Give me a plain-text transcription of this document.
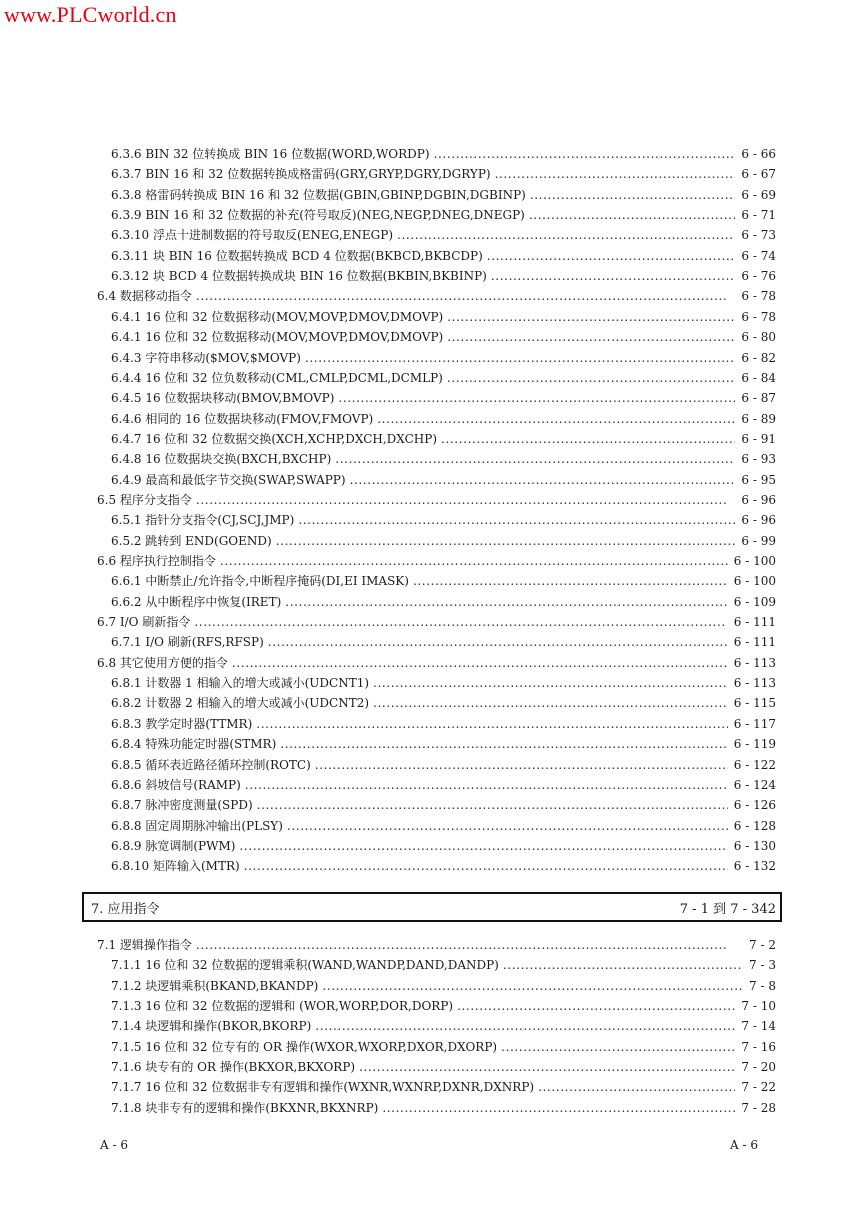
www.PLCworld.cn
6.3.6 BIN 32 位转换成 BIN 16 位数据(WORD,WORDP) . . .	6 - 66
6.3.7 BIN 16 和 32 位数据转换成格雷码(GRY,GRYP,DGRY,DGRYP) . . .	6 - 67
6.3.8 格雷码转换成 BIN 16 和 32 位数据(GBIN,GBINP,DGBIN,DGBINP) . . .	6 - 69
6.3.9 BIN 16 和 32 位数据的补充(符号取反)(NEG,NEGP,DNEG,DNEGP) . . .	6 - 71
6.3.10 浮点十进制数据的符号取反(ENEG,ENEGP) . . .	6 - 73
6.3.11 块 BIN 16 位数据转换成 BCD 4 位数据(BKBCD,BKBCDP) . . .	6 - 74
6.3.12 块 BCD 4 位数据转换成块 BIN 16 位数据(BKBIN,BKBINP) . . .	6 - 76
6.4 数据移动指令 . . .	6 - 78
6.4.1 16 位和 32 位数据移动(MOV,MOVP,DMOV,DMOVP) . . .	6 - 78
6.4.1 16 位和 32 位数据移动(MOV,MOVP,DMOV,DMOVP) . . .	6 - 80
6.4.3 字符串移动($MOV,$MOVP) . . .	6 - 82
6.4.4 16 位和 32 位负数移动(CML,CMLP,DCML,DCMLP) . . .	6 - 84
6.4.5 16 位数据块移动(BMOV,BMOVP) . . .	6 - 87
6.4.6 相同的 16 位数据块移动(FMOV,FMOVP) . . .	6 - 89
6.4.7 16 位和 32 位数据交换(XCH,XCHP,DXCH,DXCHP) . . .	6 - 91
6.4.8 16 位数据块交换(BXCH,BXCHP) . . .	6 - 93
6.4.9 最高和最低字节交换(SWAP,SWAPP) . . .	6 - 95
6.5 程序分支指令 . . .	6 - 96
6.5.1 指针分支指令(CJ,SCJ,JMP) . . .	6 - 96
6.5.2 跳转到 END(GOEND) . . .	6 - 99
6.6 程序执行控制指令 . . .	6 - 100
6.6.1 中断禁止/允许指令,中断程序掩码(DI,EI IMASK) . . .	6 - 100
6.6.2 从中断程序中恢复(IRET) . . .	6 - 109
6.7 I/O 刷新指令 . . .	6 - 111
6.7.1 I/O 刷新(RFS,RFSP) . . .	6 - 111
6.8 其它使用方便的指令 . . .	6 - 113
6.8.1 计数器 1 相输入的增大或减小(UDCNT1) . . .	6 - 113
6.8.2 计数器 2 相输入的增大或减小(UDCNT2) . . .	6 - 115
6.8.3 教学定时器(TTMR) . . .	6 - 117
6.8.4 特殊功能定时器(STMR) . . .	6 - 119
6.8.5 循环表近路径循环控制(ROTC) . . .	6 - 122
6.8.6 斜坡信号(RAMP) . . .	6 - 124
6.8.7 脉冲密度测量(SPD) . . .	6 - 126
6.8.8 固定周期脉冲输出(PLSY) . . .	6 - 128
6.8.9 脉宽调制(PWM) . . .	6 - 130
6.8.10 矩阵输入(MTR) . . .	6 - 132
7. 应用指令	7 - 1 到 7 - 342
7.1 逻辑操作指令 . . .	7 - 2
7.1.1 16 位和 32 位数据的逻辑乘积(WAND,WANDP,DAND,DANDP) . . .	7 - 3
7.1.2 块逻辑乘积(BKAND,BKANDP) . . .	7 - 8
7.1.3 16 位和 32 位数据的逻辑和 (WOR,WORP,DOR,DORP) . . .	7 - 10
7.1.4 块逻辑和操作(BKOR,BKORP) . . .	7 - 14
7.1.5 16 位和 32 位专有的 OR 操作(WXOR,WXORP,DXOR,DXORP) . . .	7 - 16
7.1.6 块专有的 OR 操作(BKXOR,BKXORP) . . .	7 - 20
7.1.7 16 位和 32 位数据非专有逻辑和操作(WXNR,WXNRP,DXNR,DXNRP) . . .	7 - 22
7.1.8 块非专有的逻辑和操作(BKXNR,BKXNRP) . . .	7 - 28
A - 6	A - 6
